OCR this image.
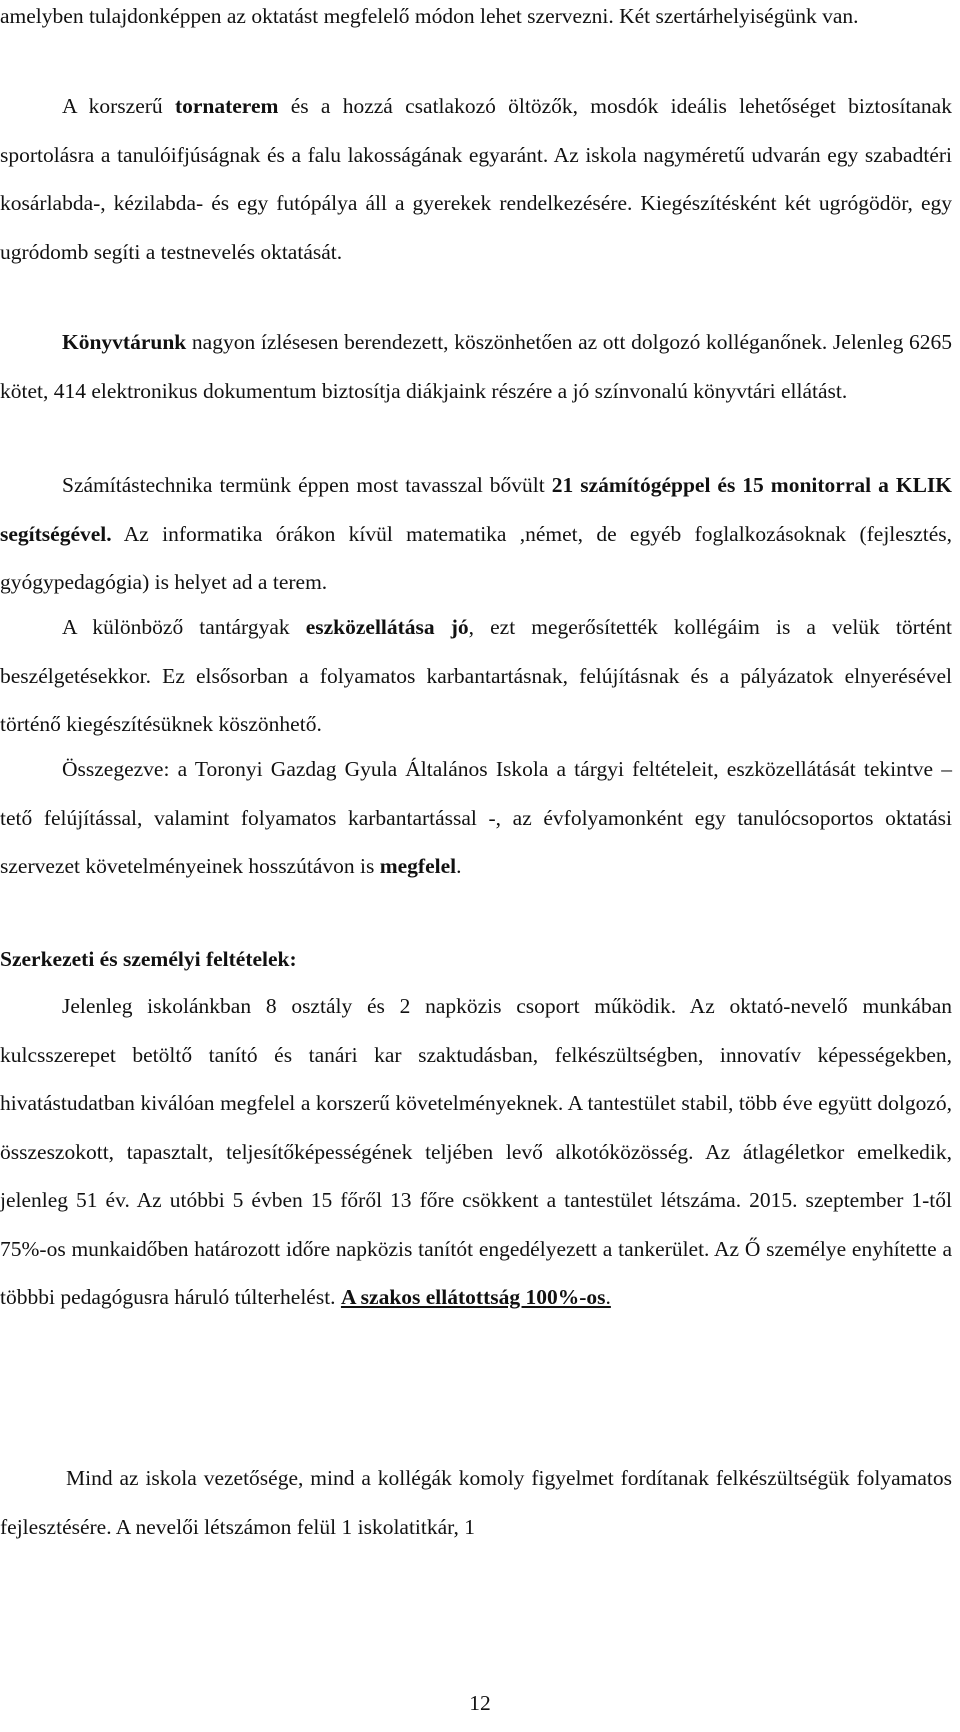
amelyben tulajdonképpen az oktatást megfelelő módon lehet szervezni. Két szertárhelyiségünk van.

A korszerű tornaterem és a hozzá csatlakozó öltözők, mosdók ideális lehetőséget biztosítanak sportolásra a tanulóifjúságnak és a falu lakosságának egyaránt. Az iskola nagyméretű udvarán egy szabadtéri kosárlabda-, kézilabda- és egy futópálya áll a gyerekek rendelkezésére. Kiegészítésként két ugrógödör, egy ugródomb segíti a testnevelés oktatását.

Könyvtárunk nagyon ízlésesen berendezett, köszönhetően az ott dolgozó kolléganőnek. Jelenleg 6265 kötet, 414 elektronikus dokumentum biztosítja diákjaink részére a jó színvonalú könyvtári ellátást.

Számítástechnika termünk éppen most tavasszal bővült 21 számítógéppel és 15 monitorral a KLIK segítségével. Az informatika órákon kívül matematika ,német, de egyéb foglalkozásoknak (fejlesztés, gyógypedagógia) is helyet ad a terem.

A különböző tantárgyak eszközellátása jó, ezt megerősítették kollégáim is a velük történt beszélgetésekkor. Ez elsősorban a folyamatos karbantartásnak, felújításnak és a pályázatok elnyerésével történő kiegészítésüknek köszönhető.

Összegezve: a Toronyi Gazdag Gyula Általános Iskola a tárgyi feltételeit, eszközellátását tekintve – tető felújítással, valamint folyamatos karbantartással -, az évfolyamonként egy tanulócsoportos oktatási szervezet követelményeinek hosszútávon is megfelel.

Szerkezeti és személyi feltételek:

Jelenleg iskolánkban 8 osztály és 2 napközis csoport működik. Az oktató-nevelő munkában kulcsszerepet betöltő tanító és tanári kar szaktudásban, felkészültségben, innovatív képességekben, hivatástudatban kiválóan megfelel a korszerű követelményeknek. A tantestület stabil, több éve együtt dolgozó, összeszokott, tapasztalt, teljesítőképességének teljében levő alkotóközösség. Az átlagéletkor emelkedik, jelenleg 51 év. Az utóbbi 5 évben 15 főről 13 főre csökkent a tantestület létszáma. 2015. szeptember 1-től 75%-os munkaidőben határozott időre napközis tanítót engedélyezett a tankerület. Az Ő személye enyhítette a többbi pedagógusra háruló túlterhelést. A szakos ellátottság 100%-os.

Mind az iskola vezetősége, mind a kollégák komoly figyelmet fordítanak felkészültségük folyamatos fejlesztésére. A nevelői létszámon felül 1 iskolatitkár, 1

12
